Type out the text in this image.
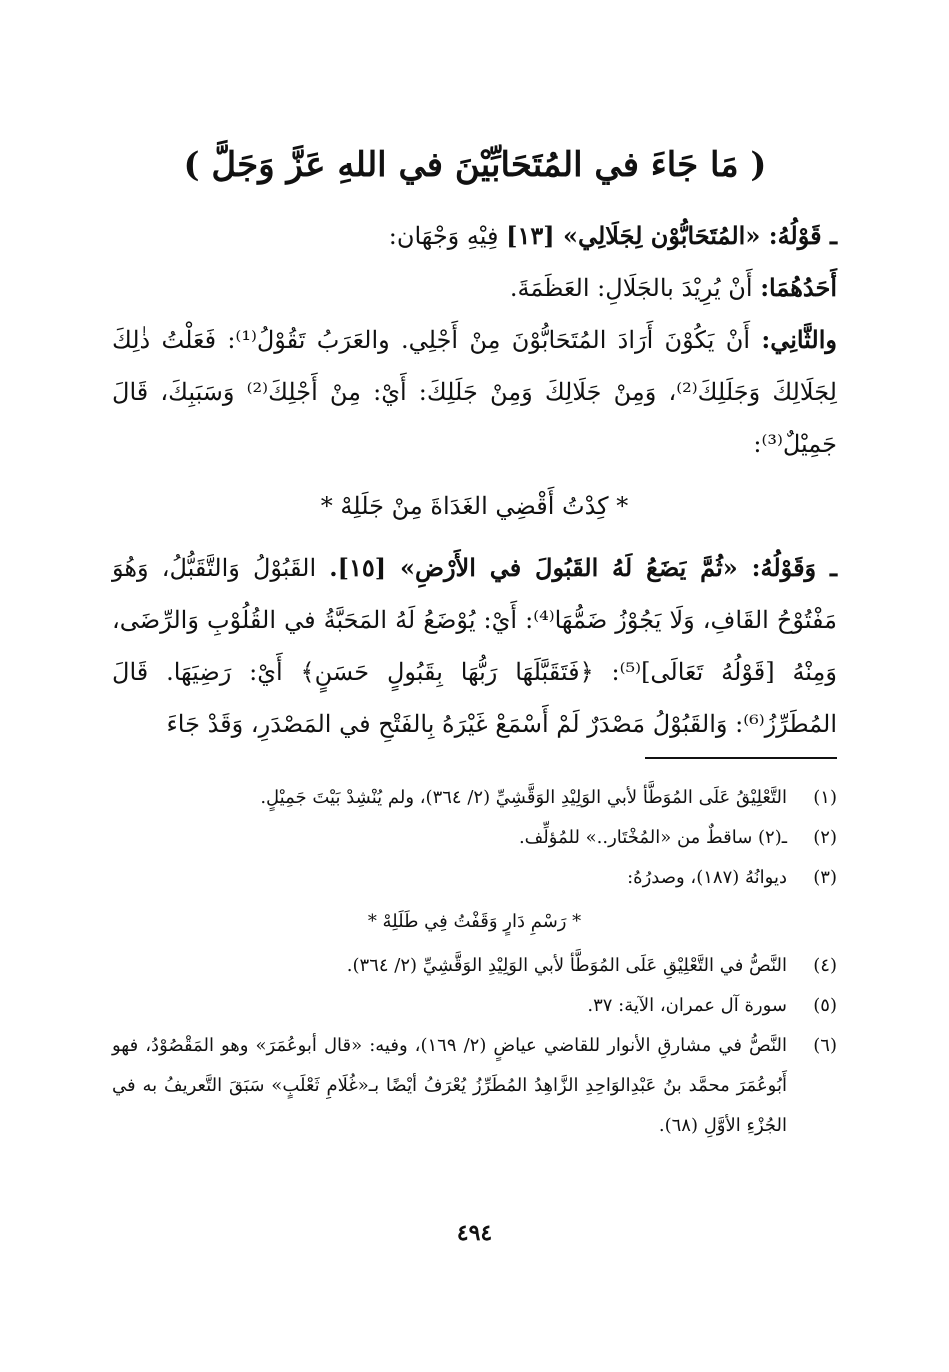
( مَا جَاءَ في المُتَحَابِّيْنَ في اللهِ عَزَّ وَجَلَّ )

ـ قَوْلُهُ: «المُتَحَابُّوْن لِجَلَالِي» [١٣] فِيْهِ وَجْهَان:

أَحَدُهُمَا: أَنْ يُرِيْدَ بالجَلَالِ: العَظَمَةَ.

والثَّانِي: أَنْ يَكُوْنَ أَرَادَ المُتَحَابُّوْنَ مِنْ أَجْلِي. والعَرَبُ تَقُوْلُ⁽¹⁾: فَعَلْتُ ذٰلِكَ لِجَلَالِكَ وَجَلَلِكَ⁽²⁾، وَمِنْ جَلَالِكَ وَمِنْ جَلَلِكَ: أَيْ: مِنْ أَجْلِكَ⁽²⁾ وَسَبَبِكَ، قَالَ جَمِيْلٌ⁽³⁾:

* كِدْتُ أَقْضِي الغَدَاةَ مِنْ جَلَلِهْ *

ـ وَقَوْلُهُ: «ثُمَّ يَضَعُ لَهُ القَبُولَ في الأَرْضِ» [١٥]. القَبُوْلُ وَالتَّقَبُّلُ، وَهُوَ مَفْتُوْحُ القَافِ، وَلَا يَجُوْزُ ضَمُّهَا⁽⁴⁾: أَيْ: يُوْضَعُ لَهُ المَحَبَّةُ في القُلُوْبِ وَالرِّضَى، وَمِنْهُ [قَوْلُهُ تَعَالَى]⁽⁵⁾: ﴿فَتَقَبَّلَهَا رَبُّهَا بِقَبُولٍ حَسَنٍ﴾ أَيْ: رَضِيَهَا. قَالَ المُطَرِّزُ⁽⁶⁾: وَالقَبُوْلُ مَصْدَرٌ لَمْ أَسْمَعْ غَيْرَهُ بِالفَتْحِ في المَصْدَرِ، وَقَدْ جَاءَ

(١)
التَّعْلِيْقُ عَلَى المُوَطَّأ لأبي الوَلِيْدِ الوَقَّشِيِّ (٢/ ٣٦٤)، ولم يُنْشِدْ بَيْتَ جَمِيْلٍ.
(٢)
ـ(٢) ساقطٌ من «المُخْتَار..» للمُؤلِّف.
(٣)
ديوانُهُ (١٨٧)، وصدرُهُ:
* رَسْمِ دَارٍ وَقَفْتُ فِي طَلَلِهْ *
(٤)
النَّصُّ في التَّعْلِيْقِ عَلَى المُوَطَّأ لأبي الوَلِيْدِ الوَقَّشِيِّ (٢/ ٣٦٤).
(٥)
سورة آل عمران، الآية: ٣٧.
(٦)
النَّصُّ في مشارقِ الأنوار للقاضي عياضٍ (٢/ ١٦٩)، وفيه: «قال أبوعُمَرَ» وهو المَقْصُوْدُ، فهو أَبُوعُمَرَ محمَّد بنُ عَبْدِالوَاحِدِ الزَّاهِدُ المُطَرِّزُ يُعْرَفُ أيْضًا بـ«غُلَامِ ثَعْلَبٍ» سَبَقَ التَّعريفُ به في الجُزْءِ الأوَّلِ (٦٨).
٤٩٤
